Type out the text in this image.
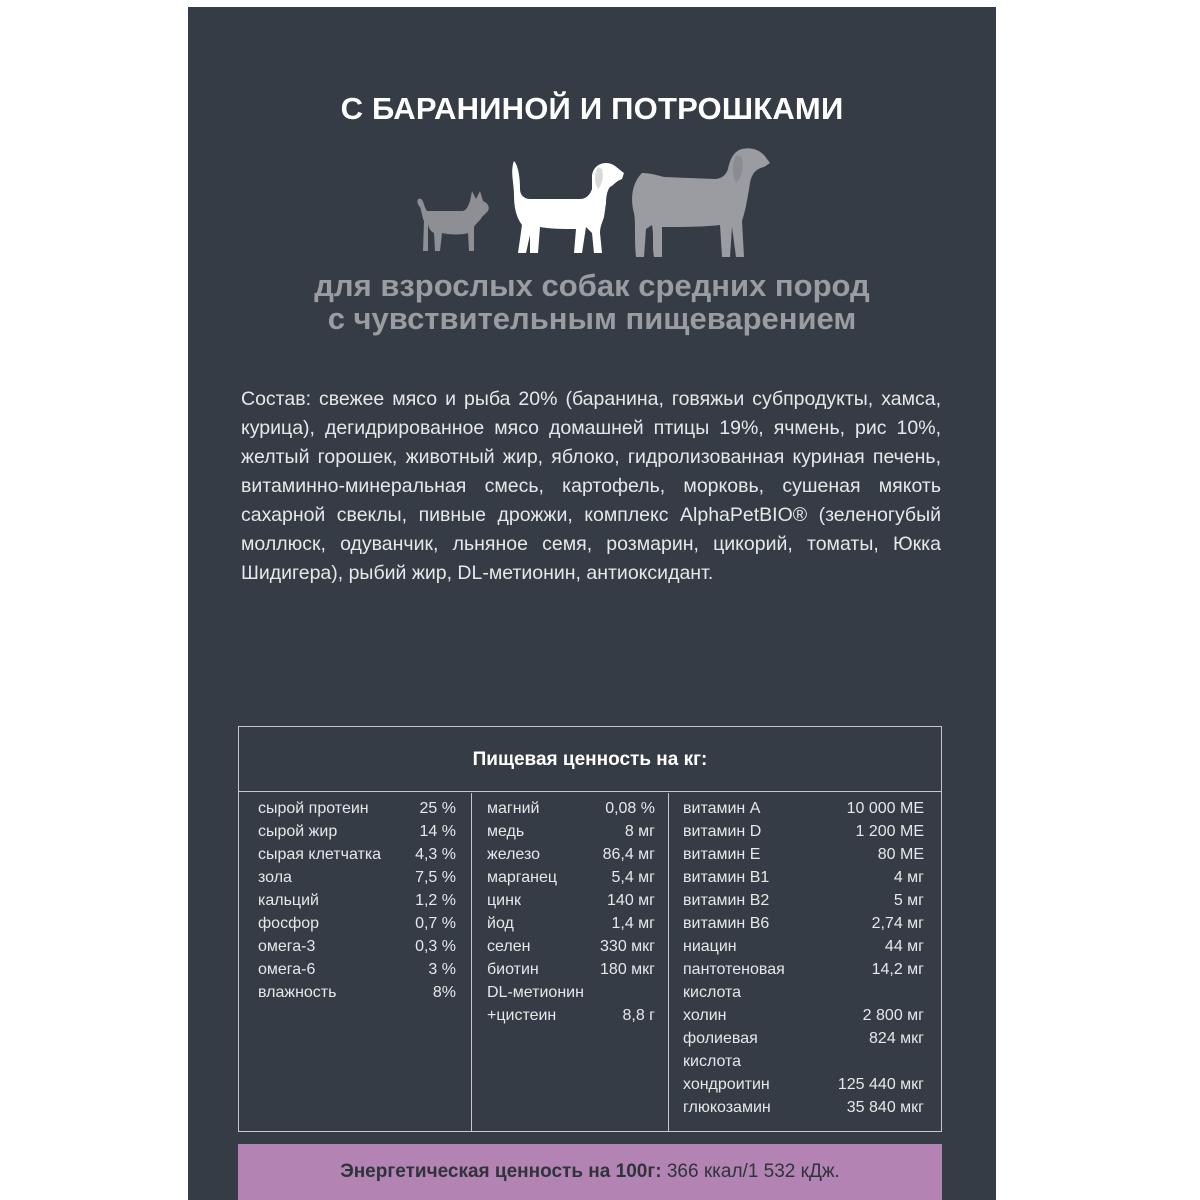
С БАРАНИНОЙ И ПОТРОШКАМИ
для взрослых собак средних пород
с чувствительным пищеварением
Состав: свежее мясо и рыба 20% (баранина, говяжьи субпродукты, хамса, курица), дегидрированное мясо домашней птицы 19%, ячмень, рис 10%, желтый горошек, животный жир, яблоко, гидролизованная куриная печень, витаминно-минеральная смесь, картофель, морковь, сушеная мякоть сахарной свеклы, пивные дрожжи, комплекс AlphaPetBIO® (зеленогубый моллюск, одуванчик, льняное семя, розмарин, цикорий, томаты, Юкка Шидигера), рыбий жир, DL-метионин, антиоксидант.
Пищевая ценность на кг:
сырой протеин	25 %
сырой жир	14 %
сырая клетчатка 4,3 %
зола	7,5 %
кальций	1,2 %
фосфор	0,7 %
омега-3	0,3 %
омега-6	3 %
влажность	8%
магний	0,08 %
медь	8 мг
железо	86,4 мг
марганец	5,4 мг
цинк	140 мг
йод	1,4 мг
селен	330 мкг
биотин	180 мкг
DL-метионин
+цистеин	8,8 г
витамин А	10 000 МЕ
витамин D	1 200 МЕ
витамин Е	80 МЕ
витамин В1	4 мг
витамин В2	5 мг
витамин В6	2,74 мг
ниацин	44 мг
пантотеновая	14,2 мг
кислота
холин	2 800 мг
фолиевая	824 мкг
кислота
хондроитин	125 440 мкг
глюкозамин	35 840 мкг
Энергетическая ценность на 100г: 366 ккал/1 532 кДж.
